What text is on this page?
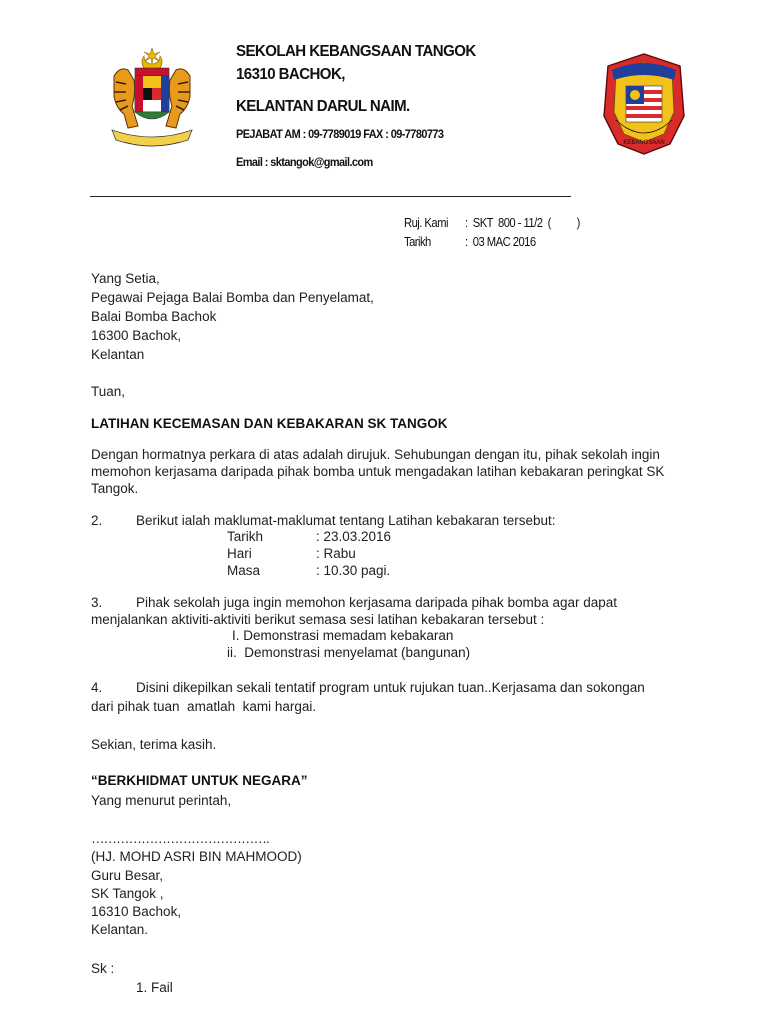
SEKOLAH KEBANGSAAN TANGOK
16310 BACHOK,
KELANTAN DARUL NAIM.
PEJABAT AM : 09-7789019 FAX : 09-7780773
Email : sktangok@gmail.com
KEBANGSAAN
Ruj. Kami :  SKT  800 - 11/2  (          )
Tarikh	:  03 MAC 2016
Yang Setia,
Pegawai Pejaga Balai Bomba dan Penyelamat,
Balai Bomba Bachok
16300 Bachok,
Kelantan
Tuan,
LATIHAN KECEMASAN DAN KEBAKARAN SK TANGOK
Dengan hormatnya perkara di atas adalah dirujuk. Sehubungan dengan itu, pihak sekolah ingin
memohon kerjasama daripada pihak bomba untuk mengadakan latihan kebakaran peringkat SK
Tangok.
2. Berikut ialah maklumat-maklumat tentang Latihan kebakaran tersebut:
Tarikh	: 23.03.2016
Hari	: Rabu
Masa	: 10.30 pagi.
3. Pihak sekolah juga ingin memohon kerjasama daripada pihak bomba agar dapat
menjalankan aktiviti-aktiviti berikut semasa sesi latihan kebakaran tersebut :
I. Demonstrasi memadam kebakaran
ii.  Demonstrasi menyelamat (bangunan)
4. Disini dikepilkan sekali tentatif program untuk rujukan tuan..Kerjasama dan sokongan
dari pihak tuan  amatlah  kami hargai.
Sekian, terima kasih.
“BERKHIDMAT UNTUK NEGARA”
Yang menurut perintah,
…………………………………….
(HJ. MOHD ASRI BIN MAHMOOD)
Guru Besar,
SK Tangok ,
16310 Bachok,
Kelantan.
Sk :
1. Fail
